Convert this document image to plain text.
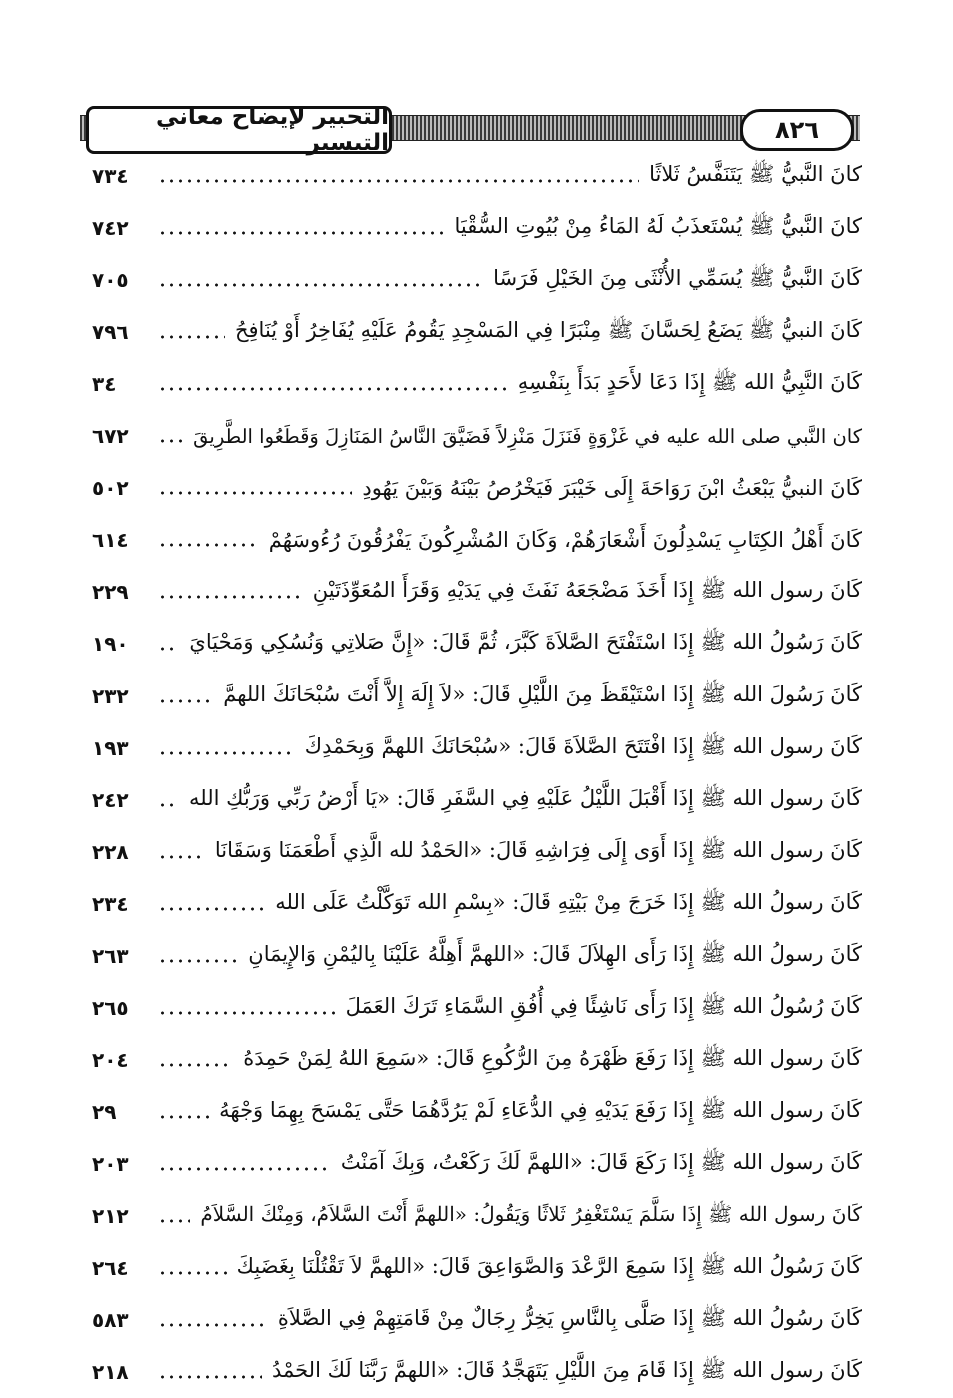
التحبير لإيضاح معاني التيسير	٨٢٦
كانَ النَّبيُّ ﷺ يَتَنَفَّسُ ثَلاثًا
٧٣٤
كانَ النَّبيُّ ﷺ يُسْتَعذَبُ لَهُ المَاءُ مِنْ بُيُوتِ السُّقْيَا
٧٤٢
كَانَ النَّبيُّ ﷺ يُسَمِّي الأُنْثَى مِنَ الخَيْلِ فَرَسًا
٧٠٥
كَانَ النبيُّ ﷺ يَضَعُ لِحَسَّانَ ﷺ مِنْبَرًا فِي المَسْجِدِ يَقُومُ عَلَيْهِ يُفَاخِرُ أَوْ يُنَافِحُ
٧٩٦
كَانَ النَّبِيُّ الله ﷺ إِذَا دَعَا لأَحَدٍ بَدَأَ بِنَفْسِهِ
٣٤
كان النَّبي صلى الله عليه في غَزْوَةٍ فَنَزَلَ مَنْزِلاً فَضَيَّقَ النَّاسُ المَنَازِلَ وَقَطَعُوا الطَّرِيقَ
٦٧٢
كَانَ النبيُّ يَبْعَثُ ابْنَ رَوَاحَةَ إِلَى خَيْبَرَ فَيَخْرُصُ بَيْنَهُ وَبَيْنَ يَهُودِ
٥٠٢
كَانَ أَهْلُ الكِتَابِ يَسْدِلُونَ أَشْعَارَهُمْ، وَكَانَ المُشْرِكُونَ يَفْرُقُونَ رُءُوسَهُمْ
٦١٤
كَانَ رسول الله ﷺ إِذَا أَخَذَ مَضْجَعَهُ نَفَثَ فِي يَدَيْهِ وَقَرَأَ المُعَوِّذَتَيْنِ
٢٢٩
كَانَ رَسُولُ الله ﷺ إِذَا اسْتَفْتَحَ الصَّلاَةَ كَبَّرَ، ثُمَّ قَالَ: «إِنَّ صَلاتِي وَنُسُكِي وَمَحْيَايَ
١٩٠
كَانَ رَسُولَ الله ﷺ إِذَا اسْتَيْقَظَ مِنَ اللَّيْلِ قَالَ: «لاَ إِلَهَ إِلاَّ أَنْتَ سُبْحَانَكَ اللهمَّ
٢٣٢
كَانَ رسول الله ﷺ إِذَا افْتَتَحَ الصَّلاَةَ قَالَ: «سُبْحَانَكَ اللهمَّ وَبِحَمْدِكَ
١٩٣
كَانَ رسول الله ﷺ إِذَا أَقْبَلَ اللَّيْلُ عَلَيْهِ فِي السَّفَرِ قَالَ: «يَا أَرْضُ رَبِّي وَرَبُّكِ الله
٢٤٢
كَانَ رسول الله ﷺ إِذَا أَوَى إِلَى فِرَاشِهِ قَالَ: «الحَمْدُ لله الَّذِي أَطْعَمَنَا وَسَقَانَا
٢٢٨
كَانَ رسولُ الله ﷺ إِذَا خَرَجَ مِنْ بَيْتِهِ قَالَ: «بِسْمِ الله تَوَكَّلْتُ عَلَى الله
٢٣٤
كَانَ رسولُ الله ﷺ إِذَا رَأَى الهِلاَلَ قَالَ: «اللهمَّ أَهِلَّهُ عَلَيْنَا بِاليُمْنِ وَالإِيمَانِ
٢٦٣
كَانَ رُسُولُ الله ﷺ إِذَا رَأَى نَاشِئًا فِي أُفُقِ السَّمَاءِ تَرَكَ العَمَلَ
٢٦٥
كَانَ رسول الله ﷺ إِذَا رَفَعَ ظَهْرَهُ مِنَ الرُّكُوعِ قَالَ: «سَمِعَ اللهُ لِمَنْ حَمِدَهُ
٢٠٤
كَانَ رسول الله ﷺ إِذَا رَفَعَ يَدَيْهِ فِي الدُّعَاءِ لَمْ يَرُدَّهُمَا حَتَّى يَمْسَحَ بِهِمَا وَجْهَهُ
٢٩
كَانَ رسول الله ﷺ إِذَا رَكَعَ قَالَ: «اللهمَّ لَكَ رَكَعْتُ، وَبِكَ آمَنْتُ
٢٠٣
كَانَ رسول الله ﷺ إِذَا سَلَّمَ يَسْتَغْفِرُ ثَلاثًا وَيَقُولُ: «اللهمَّ أَنْتَ السَّلاَمُ، وَمِنْكَ السَّلاَمُ
٢١٢
كَانَ رَسُولُ الله ﷺ إِذَا سَمِعَ الرَّعْدَ وَالصَّوَاعِقَ قَالَ: «اللهمَّ لاَ تَقْتُلْنَا بِغَضَبِكَ
٢٦٤
كَانَ رسُولُ الله ﷺ إِذَا صَلَّى بِالنَّاسِ يَخِرُّ رِجَالٌ مِنْ قَامَتِهِمْ فِي الصَّلاَةِ
٥٨٣
كَانَ رسول الله ﷺ إِذَا قَامَ مِنَ اللَّيْلِ يَتَهَجَّدُ قَالَ: «اللهمَّ رَبَّنَا لَكَ الحَمْدُ
٢١٨
